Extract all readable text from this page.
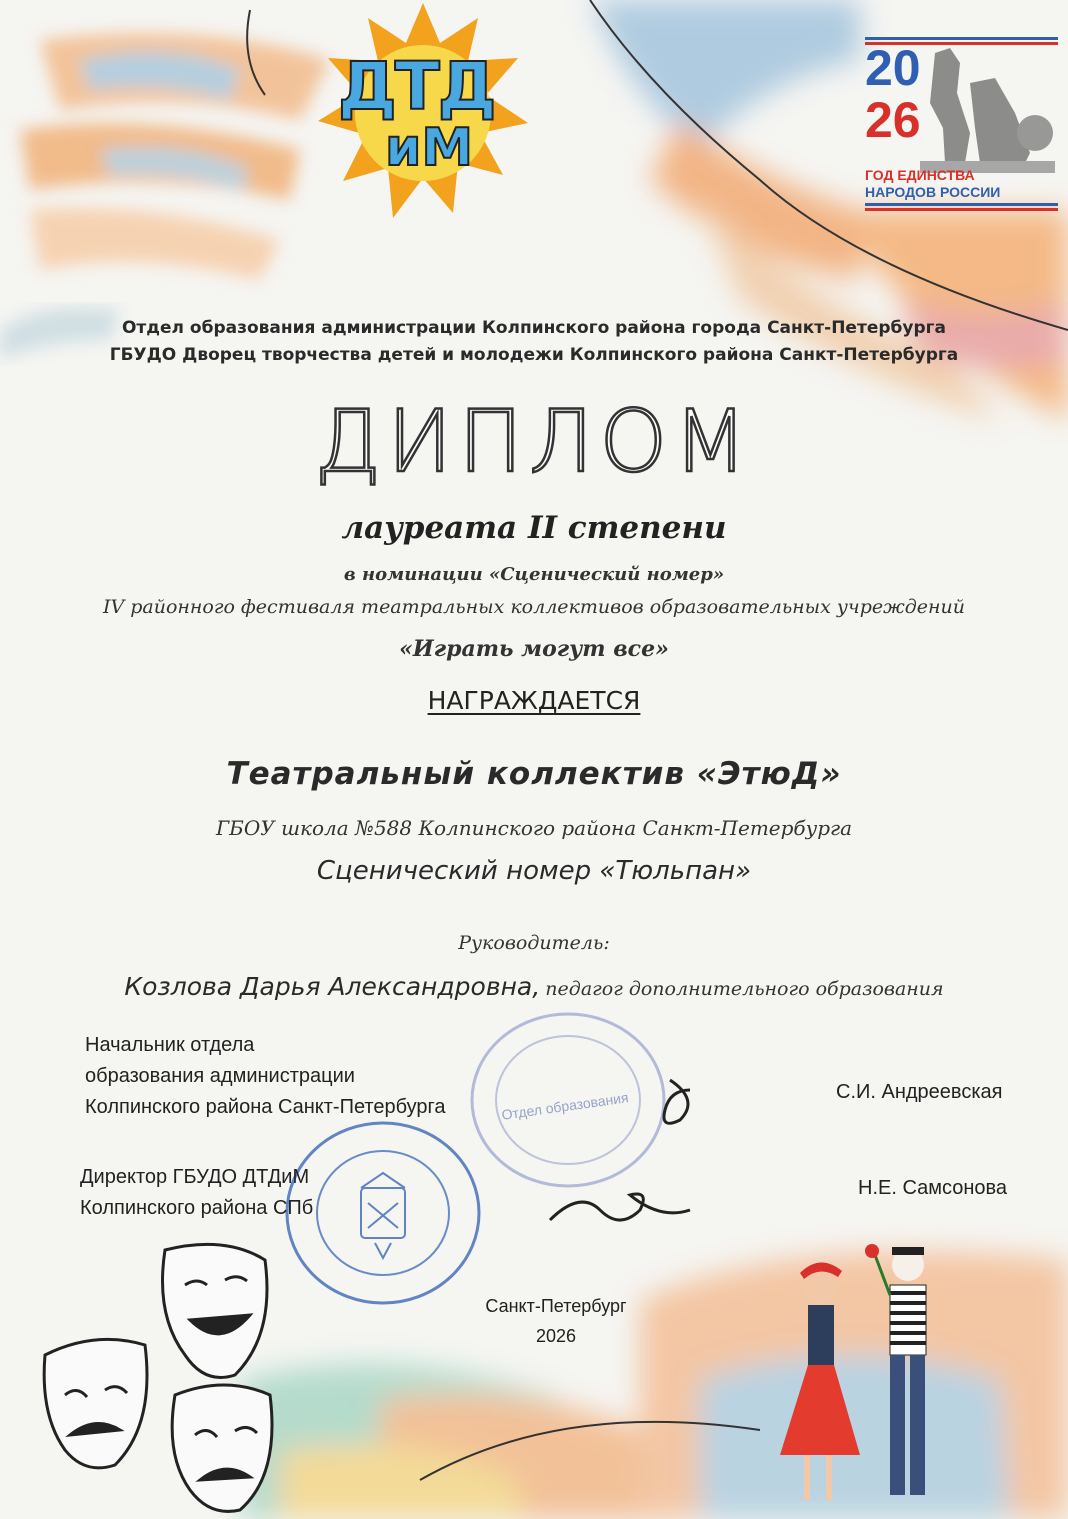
ДТД
иМ
20
26
ГОД ЕДИНСТВА
НАРОДОВ РОССИИ
Отдел образования администрации Колпинского района города Санкт-Петербурга
ГБУДО Дворец творчества детей и молодежи Колпинского района Санкт-Петербурга
ДИПЛОМ
лауреата II степени
в номинации «Сценический номер»
IV районного фестиваля театральных коллективов образовательных учреждений
«Играть могут все»
НАГРАЖДАЕТСЯ
Театральный коллектив «ЭтюД»
ГБОУ школа №588 Колпинского района Санкт-Петербурга
Сценический номер «Тюльпан»
Руководитель:
Козлова Дарья Александровна, педагог дополнительного образования
Отдел образования
Начальник отдела
образования администрации
Колпинского района Санкт-Петербурга
С.И. Андреевская
Директор ГБУДО ДТДиМ
Колпинского района СПб
Н.Е. Самсонова
Санкт-Петербург
2026
